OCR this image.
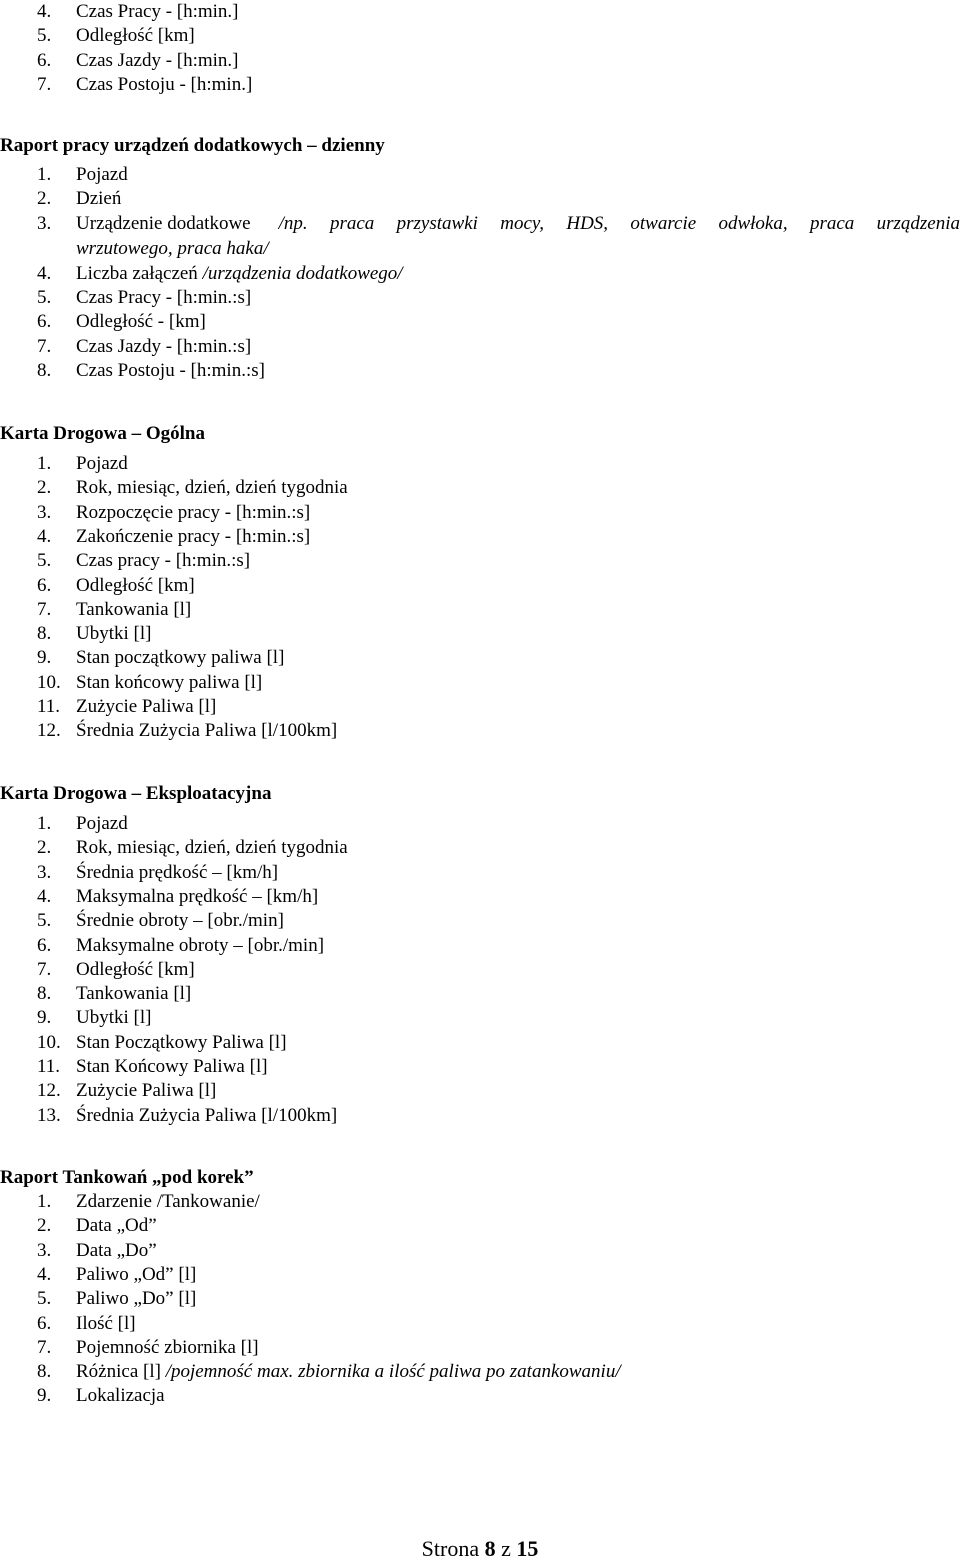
4. Czas Pracy - [h:min.]
5. Odległość [km]
6. Czas Jazdy - [h:min.]
7. Czas Postoju - [h:min.]
Raport pracy urządzeń dodatkowych – dzienny
1. Pojazd
2. Dzień
3. Urządzenie dodatkowe /np. praca przystawki mocy, HDS, otwarcie odwłoka, praca urządzenia
wrzutowego, praca haka/
4. Liczba załączeń /urządzenia dodatkowego/
5. Czas Pracy - [h:min.:s]
6. Odległość - [km]
7. Czas Jazdy - [h:min.:s]
8. Czas Postoju - [h:min.:s]
Karta Drogowa – Ogólna
1. Pojazd
2. Rok, miesiąc, dzień, dzień tygodnia
3. Rozpoczęcie pracy - [h:min.:s]
4. Zakończenie pracy - [h:min.:s]
5. Czas pracy - [h:min.:s]
6. Odległość [km]
7. Tankowania [l]
8. Ubytki [l]
9. Stan początkowy paliwa [l]
10. Stan końcowy paliwa [l]
11. Zużycie Paliwa [l]
12. Średnia Zużycia Paliwa [l/100km]
Karta Drogowa – Eksploatacyjna
1. Pojazd
2. Rok, miesiąc, dzień, dzień tygodnia
3. Średnia prędkość – [km/h]
4. Maksymalna prędkość – [km/h]
5. Średnie obroty – [obr./min]
6. Maksymalne obroty – [obr./min]
7. Odległość [km]
8. Tankowania [l]
9. Ubytki [l]
10. Stan Początkowy Paliwa [l]
11. Stan Końcowy Paliwa [l]
12. Zużycie Paliwa [l]
13. Średnia Zużycia Paliwa [l/100km]
Raport Tankowań „pod korek”
1. Zdarzenie /Tankowanie/
2. Data „Od”
3. Data „Do”
4. Paliwo „Od” [l]
5. Paliwo „Do” [l]
6. Ilość [l]
7. Pojemność zbiornika [l]
8. Różnica [l] /pojemność max. zbiornika a ilość paliwa po zatankowaniu/
9. Lokalizacja
Strona 8 z 15
